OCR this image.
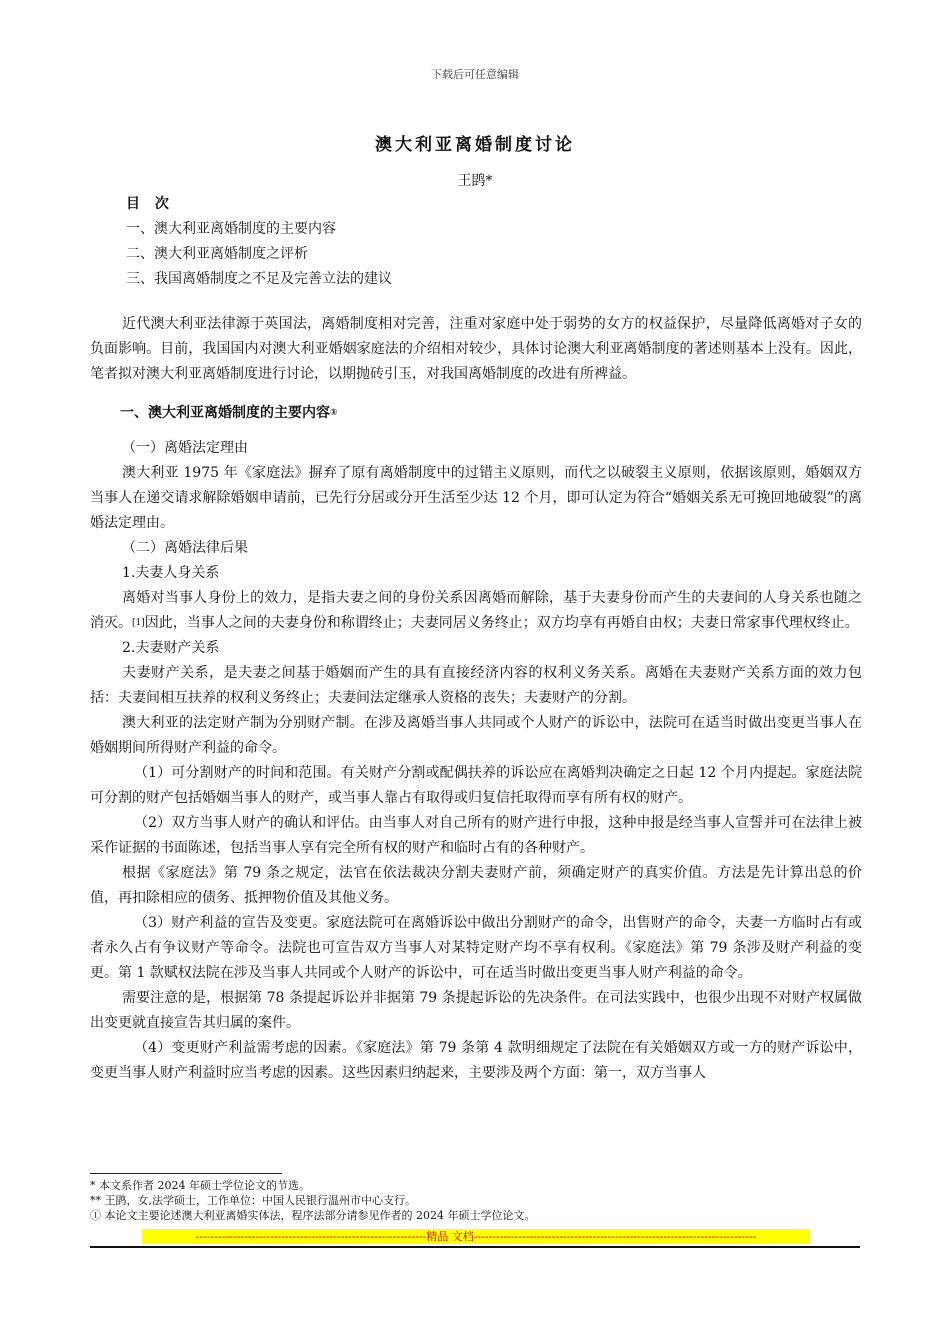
下载后可任意编辑
澳大利亚离婚制度讨论
王鹍*
目 次
一、澳大利亚离婚制度的主要内容
二、澳大利亚离婚制度之评析
三、我国离婚制度之不足及完善立法的建议

近代澳大利亚法律源于英国法，离婚制度相对完善，注重对家庭中处于弱势的女方的权益保护，尽量降低离婚对子女的负面影响。目前，我国国内对澳大利亚婚姻家庭法的介绍相对较少，具体讨论澳大利亚离婚制度的著述则基本上没有。因此，笔者拟对澳大利亚离婚制度进行讨论，以期抛砖引玉，对我国离婚制度的改进有所裨益。

一、澳大利亚离婚制度的主要内容①

（一）离婚法定理由

澳大利亚 1975 年《家庭法》摒弃了原有离婚制度中的过错主义原则，而代之以破裂主义原则，依据该原则，婚姻双方当事人在递交请求解除婚姻申请前，已先行分居或分开生活至少达 12 个月，即可认定为符合“婚姻关系无可挽回地破裂”的离婚法定理由。

（二）离婚法律后果

1.夫妻人身关系

离婚对当事人身份上的效力，是指夫妻之间的身份关系因离婚而解除，基于夫妻身份而产生的夫妻间的人身关系也随之消灭。[1]因此，当事人之间的夫妻身份和称谓终止；夫妻同居义务终止；双方均享有再婚自由权；夫妻日常家事代理权终止。

2.夫妻财产关系

夫妻财产关系，是夫妻之间基于婚姻而产生的具有直接经济内容的权利义务关系。离婚在夫妻财产关系方面的效力包括：夫妻间相互扶养的权利义务终止；夫妻间法定继承人资格的丧失；夫妻财产的分割。

澳大利亚的法定财产制为分别财产制。在涉及离婚当事人共同或个人财产的诉讼中，法院可在适当时做出变更当事人在婚姻期间所得财产利益的命令。

（1）可分割财产的时间和范围。有关财产分割或配偶扶养的诉讼应在离婚判决确定之日起 12 个月内提起。家庭法院可分割的财产包括婚姻当事人的财产，或当事人靠占有取得或归复信托取得而享有所有权的财产。

（2）双方当事人财产的确认和评估。由当事人对自己所有的财产进行申报，这种申报是经当事人宣誓并可在法律上被采作证据的书面陈述，包括当事人享有完全所有权的财产和临时占有的各种财产。

根据《家庭法》第 79 条之规定，法官在依法裁决分割夫妻财产前，须确定财产的真实价值。方法是先计算出总的价值，再扣除相应的债务、抵押物价值及其他义务。

（3）财产利益的宣告及变更。家庭法院可在离婚诉讼中做出分割财产的命令，出售财产的命令，夫妻一方临时占有或者永久占有争议财产等命令。法院也可宣告双方当事人对某特定财产均不享有权利。《家庭法》第 79 条涉及财产利益的变更。第 1 款赋权法院在涉及当事人共同或个人财产的诉讼中，可在适当时做出变更当事人财产利益的命令。

需要注意的是，根据第 78 条提起诉讼并非据第 79 条提起诉讼的先决条件。在司法实践中，也很少出现不对财产权属做出变更就直接宣告其归属的案件。

（4）变更财产利益需考虑的因素。《家庭法》第 79 条第 4 款明细规定了法院在有关婚姻双方或一方的财产诉讼中，变更当事人财产利益时应当考虑的因素。这些因素归纳起来，主要涉及两个方面：第一，双方当事人

* 本文系作者 2024 年硕士学位论文的节选。

** 王鹍，女,法学硕士，工作单位：中国人民银行温州市中心支行。

① 本论文主要论述澳大利亚离婚实体法，程序法部分请参见作者的 2024 年硕士学位论文。

--------------------------------------------------------------精品 文档----------------------------------------------------------------------------
